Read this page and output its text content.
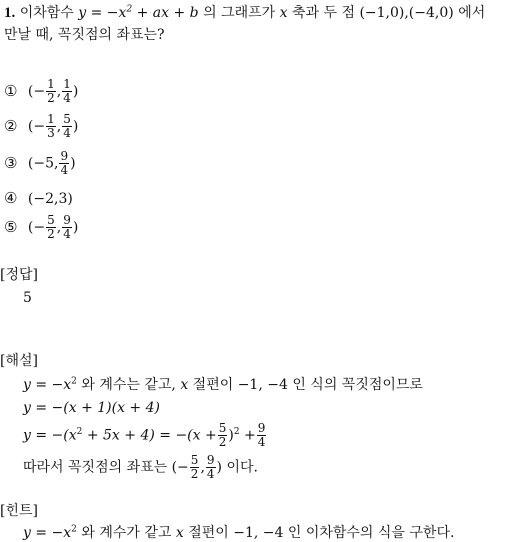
1. 이차함수 $y = -x^2$ + ax + b 의 그래프가 x 축과 두 점 (−1,0),(−4,0) 에서
만날 때, 꼭짓점의 좌표는?
① (− $\frac{1}{2}$ , $\frac{1}{4}$ )
② (− $\frac{1}{3}$ , $\frac{5}{4}$ )
③ (−5, $\frac{9}{4}$ )
④ (−2,3)
⑤ (− $\frac{5}{2}$ , $\frac{9}{4}$ )
[정답]
5
[해설]
$y = -x^2$ 와 계수는 같고, x 절편이 −1, −4 인 식의 꼭짓점이므로
y = −(x + 1)(x + 4)
$y = -(x^2 + 5x + 4) = -(x + \frac{5}{2} )^2 + \frac{9}{4}$
따라서 꼭짓점의 좌표는 (− $\frac{5}{2}$ , $\frac{9}{4}$ ) 이다.
[힌트]
$y = -x^2$ 와 계수가 같고 x 절편이 −1, −4 인 이차함수의 식을 구한다.
